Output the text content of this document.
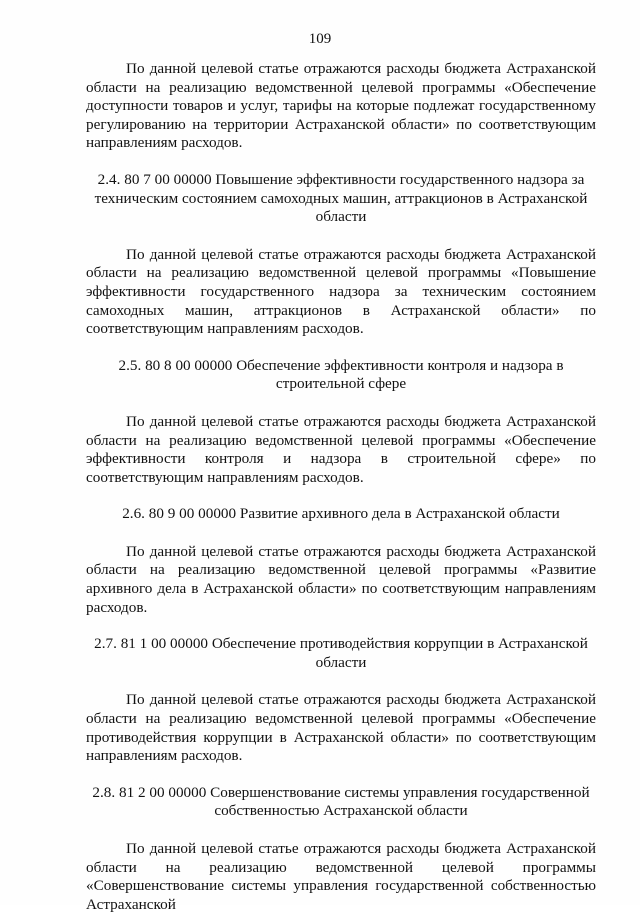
109

По данной целевой статье отражаются расходы бюджета Астраханской области на реализацию ведомственной целевой программы «Обеспечение доступности товаров и услуг, тарифы на которые подлежат государственному регулированию на территории Астраханской области» по соответствующим направлениям расходов.

2.4. 80 7 00 00000 Повышение эффективности государственного надзора за техническим состоянием самоходных машин, аттракционов в Астраханской области

По данной целевой статье отражаются расходы бюджета Астраханской области на реализацию ведомственной целевой программы «Повышение эффективности государственного надзора за техническим состоянием самоходных машин, аттракционов в Астраханской области» по соответствующим направлениям расходов.

2.5. 80 8 00 00000 Обеспечение эффективности контроля и надзора в строительной сфере

По данной целевой статье отражаются расходы бюджета Астраханской области на реализацию ведомственной целевой программы «Обеспечение эффективности контроля и надзора в строительной сфере» по соответствующим направлениям расходов.

2.6. 80 9 00 00000 Развитие архивного дела в Астраханской области

По данной целевой статье отражаются расходы бюджета Астраханской области на реализацию ведомственной целевой программы «Развитие архивного дела в Астраханской области» по соответствующим направлениям расходов.

2.7. 81 1 00 00000 Обеспечение противодействия коррупции в Астраханской области

По данной целевой статье отражаются расходы бюджета Астраханской области на реализацию ведомственной целевой программы «Обеспечение противодействия коррупции в Астраханской области» по соответствующим направлениям расходов.

2.8. 81 2 00 00000 Совершенствование системы управления государственной собственностью Астраханской области

По данной целевой статье отражаются расходы бюджета Астраханской области на реализацию ведомственной целевой программы «Совершенствование системы управления государственной собственностью Астраханской
